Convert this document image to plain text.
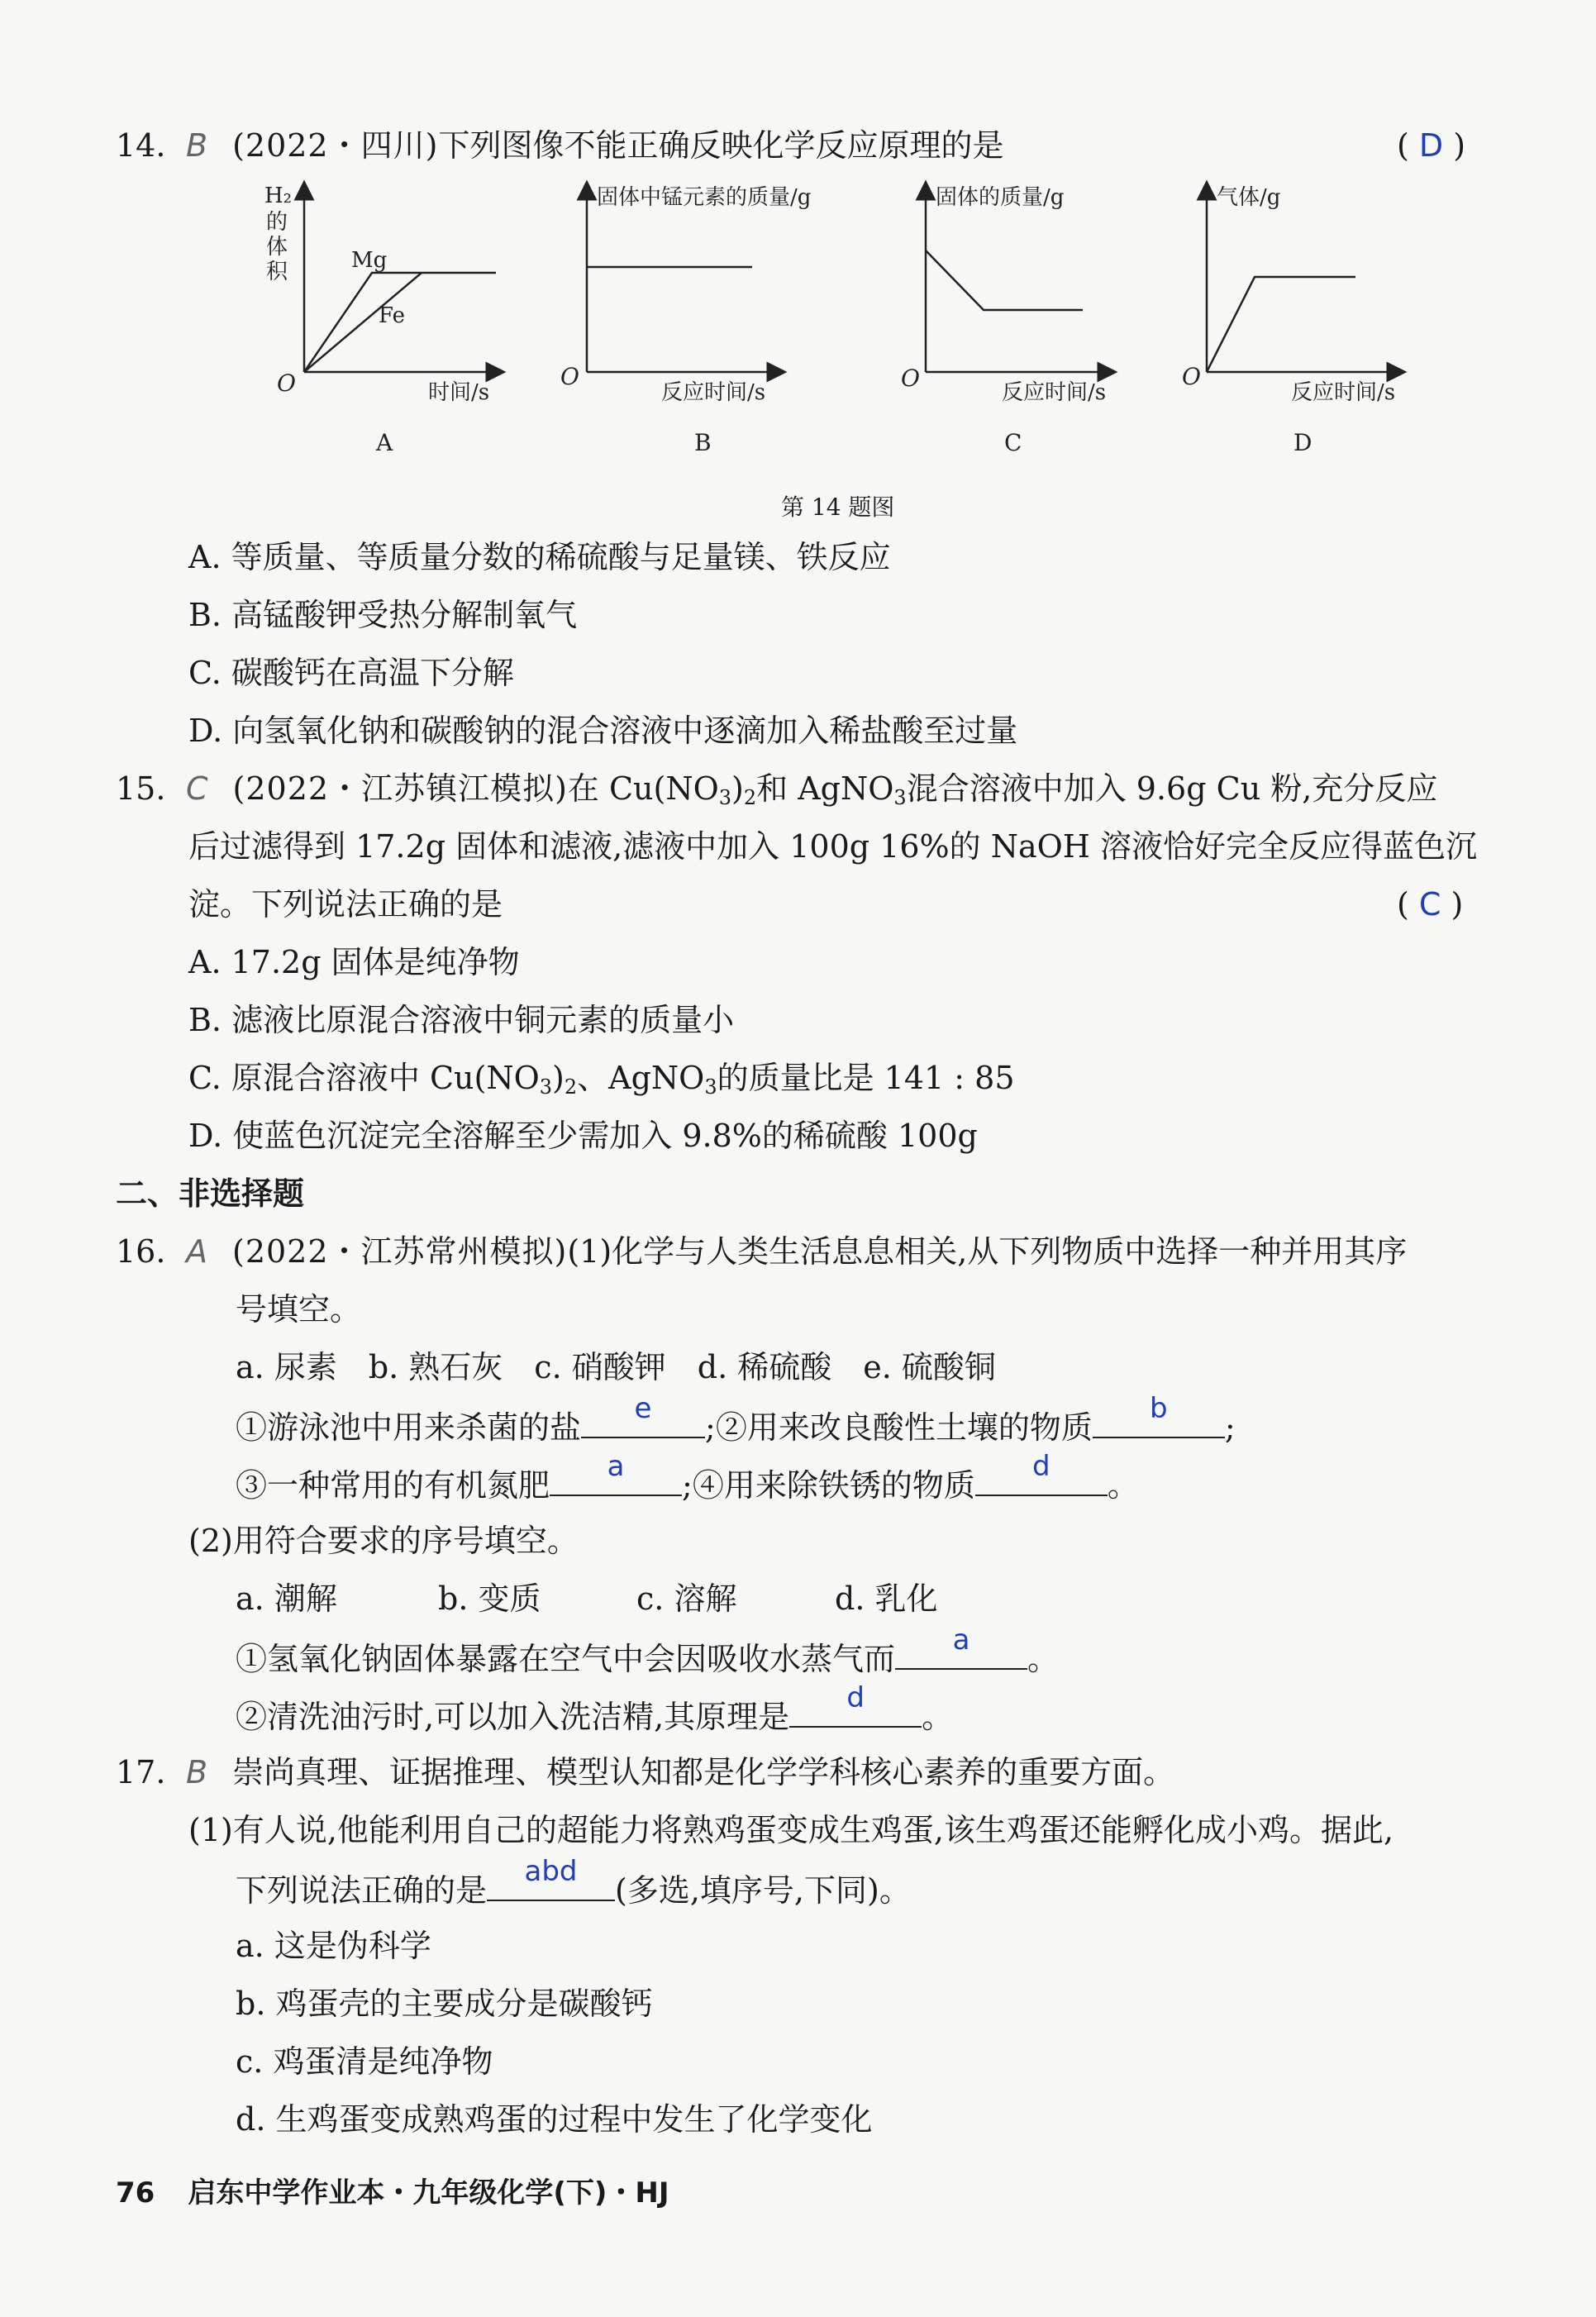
14. B (2022・四川)下列图像不能正确反映化学反应原理的是	( D )
H₂
的
体
积	Mg
Fe
O	时间/s
A
固体中锰元素的质量/g
O
反应时间/s
B
固体的质量/g
O
反应时间/s
C
气体/g
O
反应时间/s
D
第 14 题图
A. 等质量、等质量分数的稀硫酸与足量镁、铁反应
B. 高锰酸钾受热分解制氧气
C. 碳酸钙在高温下分解
D. 向氢氧化钠和碳酸钠的混合溶液中逐滴加入稀盐酸至过量
15. C (2022・江苏镇江模拟)在 $Cu(NO_3)_2$和 AgNO$_3$混合溶液中加入 9.6g Cu 粉,充分反应
后过滤得到 17.2g 固体和滤液,滤液中加入 100g 16%的 NaOH 溶液恰好完全反应得蓝色沉
淀。下列说法正确的是	( C )
A. 17.2g 固体是纯净物
B. 滤液比原混合溶液中铜元素的质量小
C. 原混合溶液中 $Cu(NO_3)_2$、AgNO$_3$的质量比是 141 : 85
D. 使蓝色沉淀完全溶解至少需加入 9.8%的稀硫酸 100g
二、非选择题
16. A (2022・江苏常州模拟)(1)化学与人类生活息息相关,从下列物质中选择一种并用其序
号填空。
a. 尿素　b. 熟石灰　c. 硝酸钾　d. 稀硫酸　e. 硫酸铜
①游泳池中用来杀菌的盐
e
;②用来改良酸性土壤的物质
b
;
③一种常用的有机氮肥
a
;④用来除铁锈的物质
d
。
(2)用符合要求的序号填空。
a. 潮解	b. 变质	c. 溶解	d. 乳化
①氢氧化钠固体暴露在空气中会因吸收水蒸气而
a
。
②清洗油污时,可以加入洗洁精,其原理是
d
。
17. B 崇尚真理、证据推理、模型认知都是化学学科核心素养的重要方面。
(1)有人说,他能利用自己的超能力将熟鸡蛋变成生鸡蛋,该生鸡蛋还能孵化成小鸡。据此,
下列说法正确的是
abd
(多选,填序号,下同)。
a. 这是伪科学
b. 鸡蛋壳的主要成分是碳酸钙
c. 鸡蛋清是纯净物
d. 生鸡蛋变成熟鸡蛋的过程中发生了化学变化
76 启东中学作业本・九年级化学(下)・HJ
